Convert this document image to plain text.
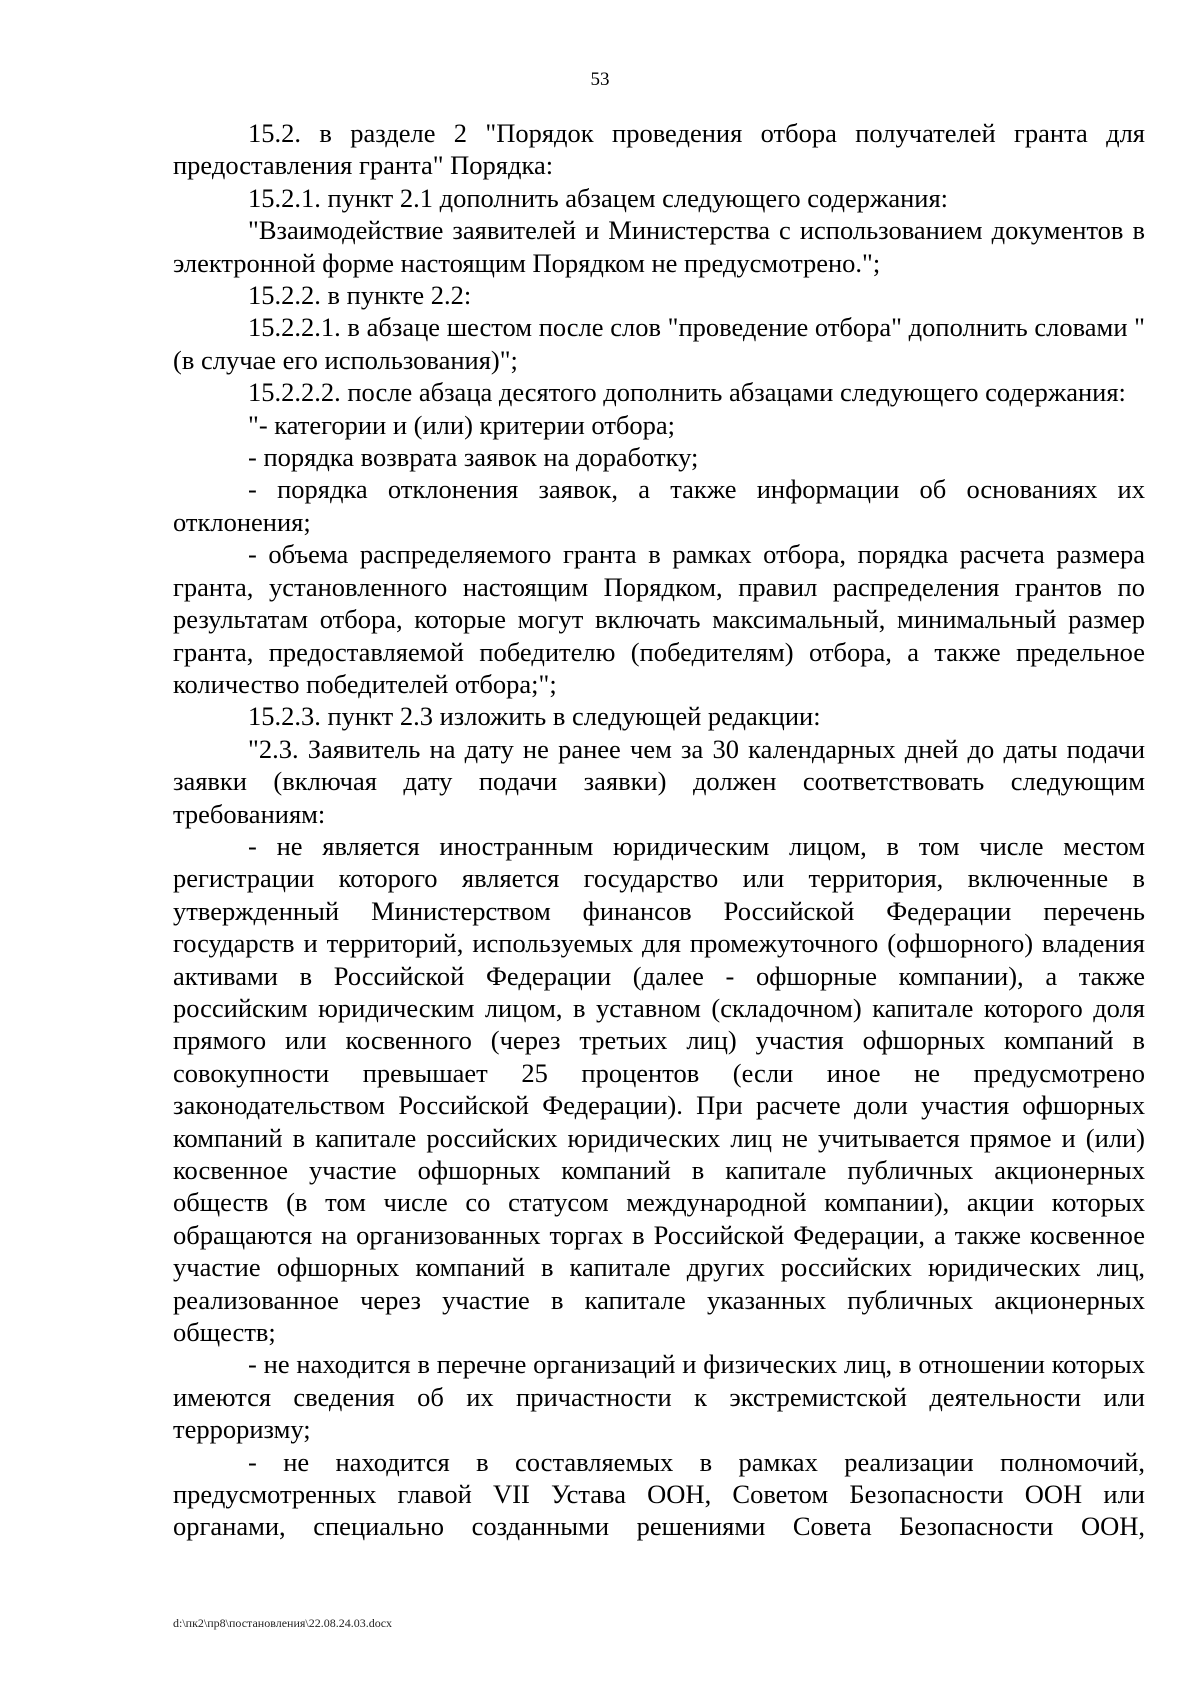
53

15.2. в разделе 2 "Порядок проведения отбора получателей гранта для предоставления гранта" Порядка:

15.2.1. пункт 2.1 дополнить абзацем следующего содержания:

"Взаимодействие заявителей и Министерства с использованием документов в электронной форме настоящим Порядком не предусмотрено.";

15.2.2. в пункте 2.2:

15.2.2.1. в абзаце шестом после слов "проведение отбора" дополнить словами "(в случае его использования)";

15.2.2.2. после абзаца десятого дополнить абзацами следующего содержания:

"- категории и (или) критерии отбора;

- порядка возврата заявок на доработку;

- порядка отклонения заявок, а также информации об основаниях их отклонения;

- объема распределяемого гранта в рамках отбора, порядка расчета размера гранта, установленного настоящим Порядком, правил распределения грантов по результатам отбора, которые могут включать максимальный, минимальный размер гранта, предоставляемой победителю (победителям) отбора, а также предельное количество победителей отбора;";

15.2.3. пункт 2.3 изложить в следующей редакции:

"2.3. Заявитель на дату не ранее чем за 30 календарных дней до даты подачи заявки (включая дату подачи заявки) должен соответствовать следующим требованиям:

- не является иностранным юридическим лицом, в том числе местом регистрации которого является государство или территория, включенные в утвержденный Министерством финансов Российской Федерации перечень государств и территорий, используемых для промежуточного (офшорного) владения активами в Российской Федерации (далее - офшорные компании), а также российским юридическим лицом, в уставном (складочном) капитале которого доля прямого или косвенного (через третьих лиц) участия офшорных компаний в совокупности превышает 25 процентов (если иное не предусмотрено законодательством Российской Федерации). При расчете доли участия офшорных компаний в капитале российских юридических лиц не учитывается прямое и (или) косвенное участие офшорных компаний в капитале публичных акционерных обществ (в том числе со статусом международной компании), акции которых обращаются на организованных торгах в Российской Федерации, а также косвенное участие офшорных компаний в капитале других российских юридических лиц, реализованное через участие в капитале указанных публичных акционерных обществ;

- не находится в перечне организаций и физических лиц, в отношении которых имеются сведения об их причастности к экстремистской деятельности или терроризму;

- не находится в составляемых в рамках реализации полномочий, предусмотренных главой VII Устава ООН, Советом Безопасности ООН или органами, специально созданными решениями Совета Безопасности ООН,

d:\пк2\пр8\постановления\22.08.24.03.docx
